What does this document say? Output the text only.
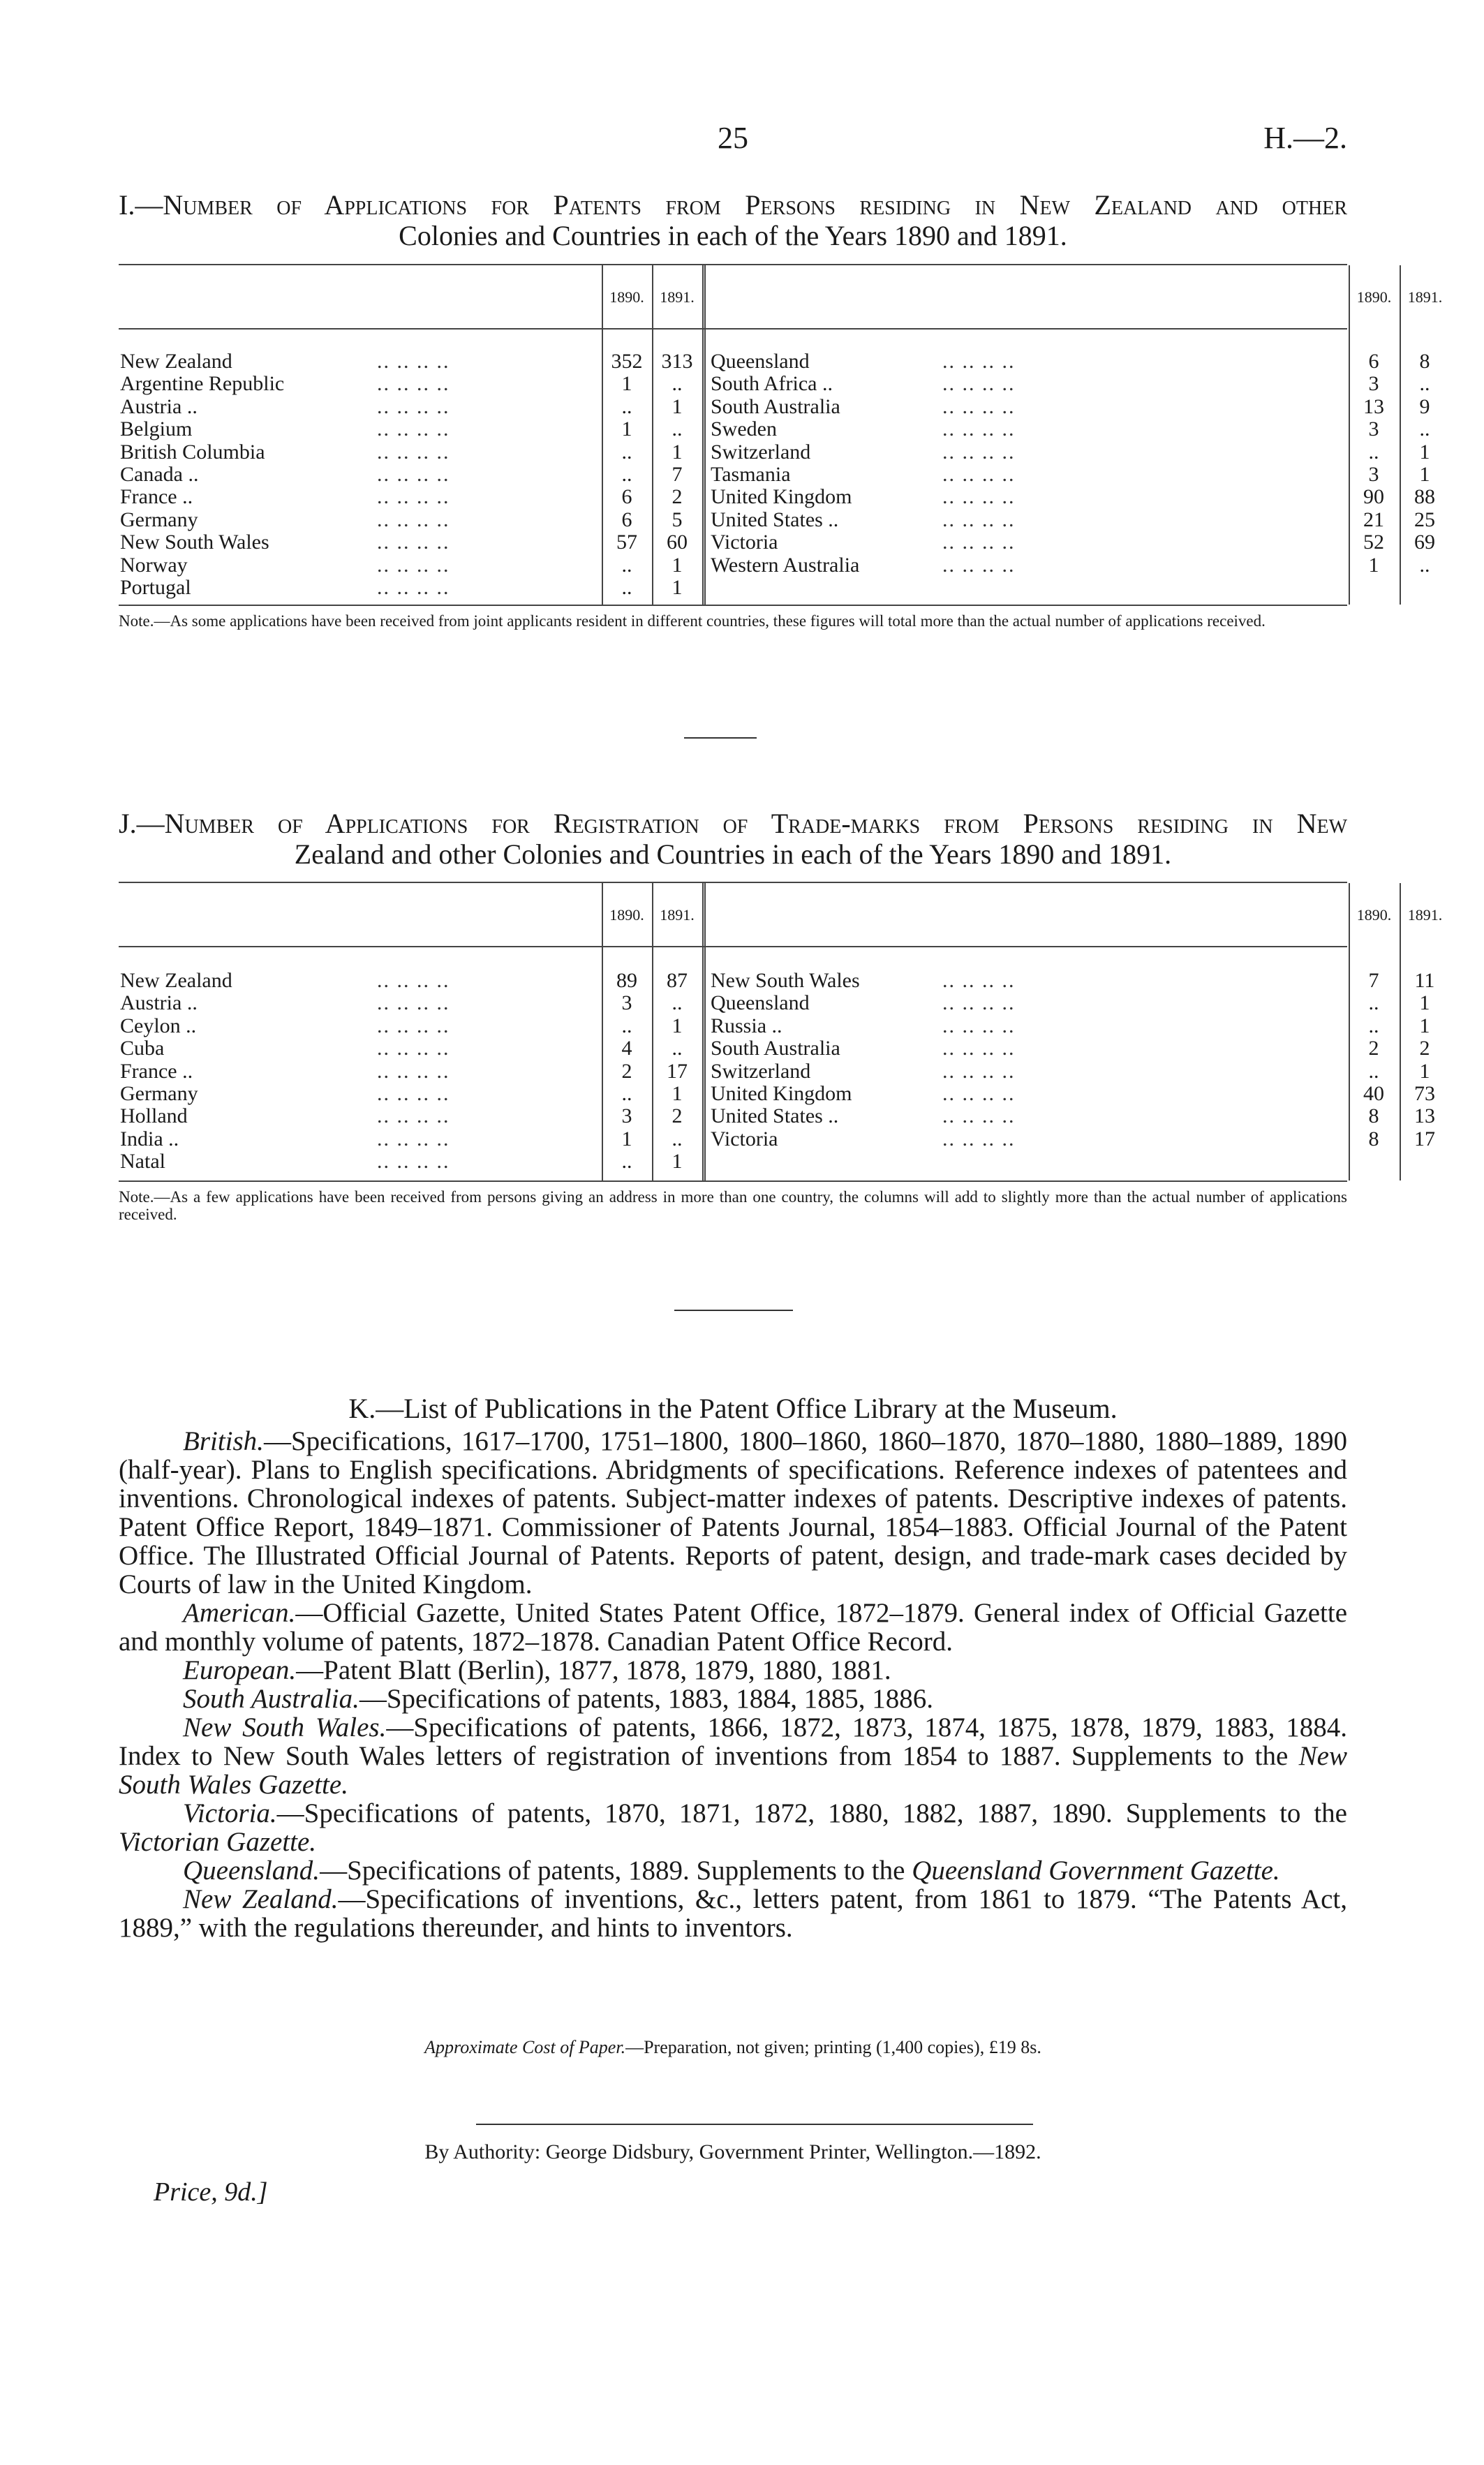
25	H.—2.
I.—Number of Applications for Patents from Persons residing in New Zealand and other
Colonies and Countries in each of the Years 1890 and 1891.
1890.	1891.	1890.	1891.
New Zealand	.. .. .. ..	352 313
Argentine Republic	.. .. .. ..	1	..
Austria ..	.. .. .. ..	..	1
Belgium	.. .. .. ..	1	..
British Columbia	.. .. .. ..	..	1
Canada ..	.. .. .. ..	..	7
France ..	.. .. .. ..	6	2
Germany	.. .. .. ..	6	5
New South Wales	.. .. .. ..	57	60
Norway	.. .. .. ..	..	1
Portugal	.. .. .. ..	..	1
Queensland	.. .. .. ..	6	8
South Africa ..	.. .. .. ..	3	..
South Australia	.. .. .. ..	13	9
Sweden	.. .. .. ..	3	..
Switzerland	.. .. .. ..	..	1
Tasmania	.. .. .. ..	3	1
United Kingdom	.. .. .. ..	90	88
United States ..	.. .. .. ..	21	25
Victoria	.. .. .. ..	52	69
Western Australia	.. .. .. ..	1	..
Note.—As some applications have been received from joint applicants resident in different countries, these figures will total more than the actual number of applications received.
J.—Number of Applications for Registration of Trade-marks from Persons residing in New
Zealand and other Colonies and Countries in each of the Years 1890 and 1891.
1890.	1891.	1890.	1891.
New Zealand	.. .. .. ..	89	87
Austria ..	.. .. .. ..	3	..
Ceylon ..	.. .. .. ..	..	1
Cuba	.. .. .. ..	4	..
France ..	.. .. .. ..	2	17
Germany	.. .. .. ..	..	1
Holland	.. .. .. ..	3	2
India ..	.. .. .. ..	1	..
Natal	.. .. .. ..	..	1
New South Wales	.. .. .. ..	7	11
Queensland	.. .. .. ..	..	1
Russia ..	.. .. .. ..	..	1
South Australia	.. .. .. ..	2	2
Switzerland	.. .. .. ..	..	1
United Kingdom	.. .. .. ..	40	73
United States ..	.. .. .. ..	8	13
Victoria	.. .. .. ..	8	17
Note.—As a few applications have been received from persons giving an address in more than one country, the columns will add to slightly more than the actual number of applications received.
K.—List of Publications in the Patent Office Library at the Museum.

British.—Specifications, 1617–1700, 1751–1800, 1800–1860, 1860–1870, 1870–1880, 1880–1889, 1890 (half-year). Plans to English specifications. Abridgments of specifications. Reference indexes of patentees and inventions. Chronological indexes of patents. Subject-matter indexes of patents. Descriptive indexes of patents. Patent Office Report, 1849–1871. Commissioner of Patents Journal, 1854–1883. Official Journal of the Patent Office. The Illustrated Official Journal of Patents. Reports of patent, design, and trade-mark cases decided by Courts of law in the United Kingdom.

American.—Official Gazette, United States Patent Office, 1872–1879. General index of Official Gazette and monthly volume of patents, 1872–1878. Canadian Patent Office Record.

European.—Patent Blatt (Berlin), 1877, 1878, 1879, 1880, 1881.

South Australia.—Specifications of patents, 1883, 1884, 1885, 1886.

New South Wales.—Specifications of patents, 1866, 1872, 1873, 1874, 1875, 1878, 1879, 1883, 1884. Index to New South Wales letters of registration of inventions from 1854 to 1887. Supplements to the New South Wales Gazette.

Victoria.—Specifications of patents, 1870, 1871, 1872, 1880, 1882, 1887, 1890. Supplements to the Victorian Gazette.

Queensland.—Specifications of patents, 1889. Supplements to the Queensland Government Gazette.

New Zealand.—Specifications of inventions, &c., letters patent, from 1861 to 1879. “The Patents Act, 1889,” with the regulations thereunder, and hints to inventors.

Approximate Cost of Paper.—Preparation, not given; printing (1,400 copies), £19 8s.
By Authority: George Didsbury, Government Printer, Wellington.—1892.
Price, 9d.]
